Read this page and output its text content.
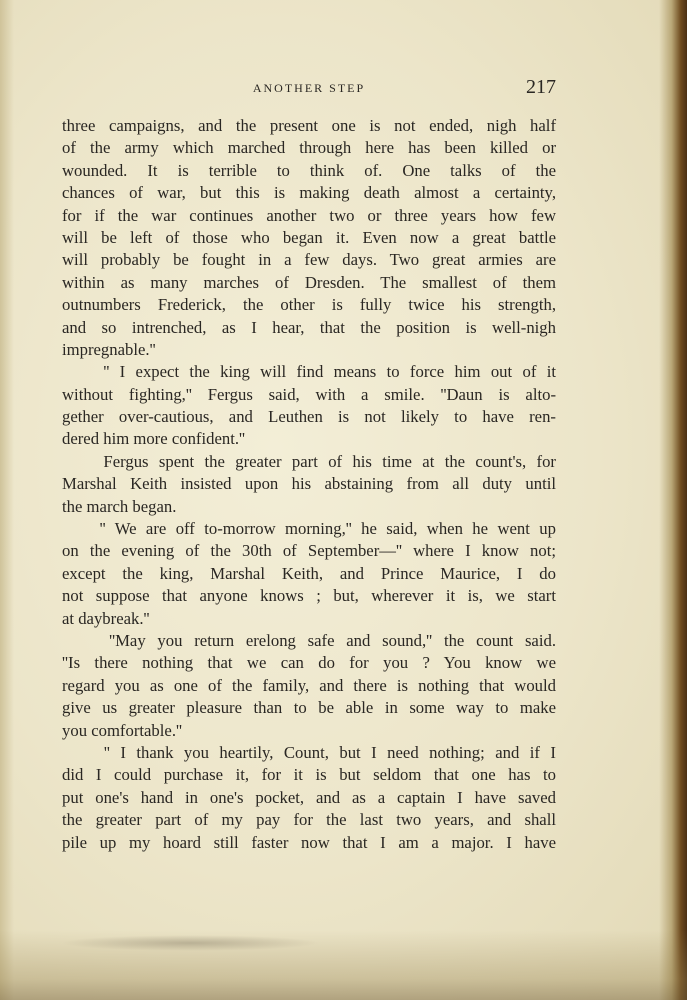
ANOTHER STEP	217
three campaigns, and the present one is not ended, nigh half
of the army which marched through here has been killed or
wounded. It is terrible to think of. One talks of the
chances of war, but this is making death almost a certainty,
for if the war continues another two or three years how few
will be left of those who began it. Even now a great battle
will probably be fought in a few days. Two great armies are
within as many marches of Dresden. The smallest of them
outnumbers Frederick, the other is fully twice his strength,
and so intrenched, as I hear, that the position is well-nigh
impregnable.''
'' I expect the king will find means to force him out of it
without fighting,'' Fergus said, with a smile. ''Daun is alto-
gether over-cautious, and Leuthen is not likely to have ren-
dered him more confident.''
Fergus spent the greater part of his time at the count's, for
Marshal Keith insisted upon his abstaining from all duty until
the march began.
'' We are off to-morrow morning,'' he said, when he went up
on the evening of the 30th of September—'' where I know not;
except the king, Marshal Keith, and Prince Maurice, I do
not suppose that anyone knows ; but, wherever it is, we start
at daybreak.''
''May you return erelong safe and sound,'' the count said.
''Is there nothing that we can do for you ? You know we
regard you as one of the family, and there is nothing that would
give us greater pleasure than to be able in some way to make
you comfortable.''
'' I thank you heartily, Count, but I need nothing; and if I
did I could purchase it, for it is but seldom that one has to
put one's hand in one's pocket, and as a captain I have saved
the greater part of my pay for the last two years, and shall
pile up my hoard still faster now that I am a major. I have
